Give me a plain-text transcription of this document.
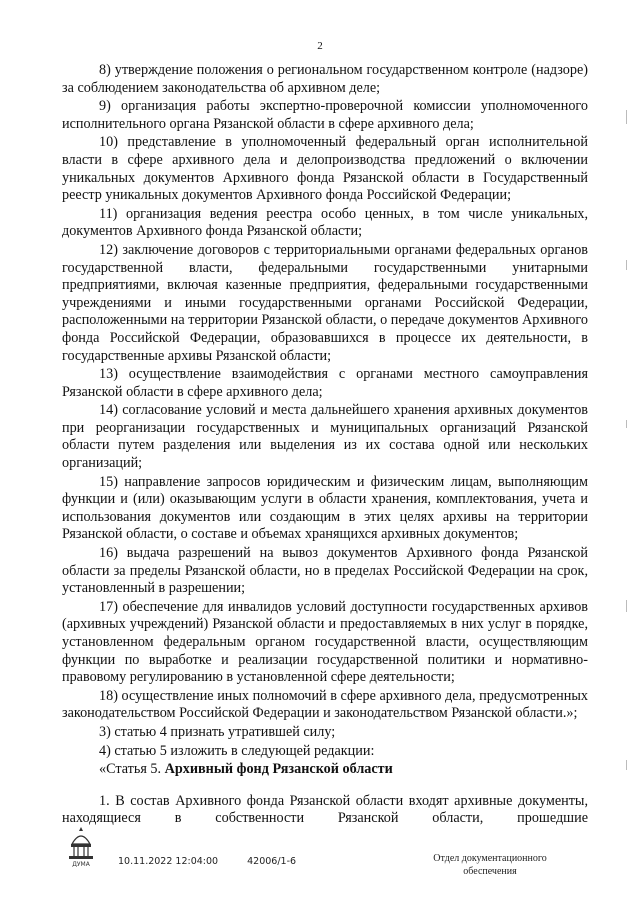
2

8) утверждение положения о региональном государственном контроле (надзоре) за соблюдением законодательства об архивном деле;

9) организация работы экспертно-проверочной комиссии уполномоченного исполнительного органа Рязанской области в сфере архивного дела;

10) представление в уполномоченный федеральный орган исполнительной власти в сфере архивного дела и делопроизводства предложений о включении уникальных документов Архивного фонда Рязанской области в Государственный реестр уникальных документов Архивного фонда Российской Федерации;

11) организация ведения реестра особо ценных, в том числе уникальных, документов Архивного фонда Рязанской области;

12) заключение договоров с территориальными органами федеральных органов государственной власти, федеральными государственными унитарными предприятиями, включая казенные предприятия, федеральными государственными учреждениями и иными государственными органами Российской Федерации, расположенными на территории Рязанской области, о передаче документов Архивного фонда Российской Федерации, образовавшихся в процессе их деятельности, в государственные архивы Рязанской области;

13) осуществление взаимодействия с органами местного самоуправления Рязанской области в сфере архивного дела;

14) согласование условий и места дальнейшего хранения архивных документов при реорганизации государственных и муниципальных организаций Рязанской области путем разделения или выделения из их состава одной или нескольких организаций;

15) направление запросов юридическим и физическим лицам, выполняющим функции и (или) оказывающим услуги в области хранения, комплектования, учета и использования документов или создающим в этих целях архивы на территории Рязанской области, о составе и объемах хранящихся архивных документов;

16) выдача разрешений на вывоз документов Архивного фонда Рязанской области за пределы Рязанской области, но в пределах Российской Федерации на срок, установленный в разрешении;

17) обеспечение для инвалидов условий доступности государственных архивов (архивных учреждений) Рязанской области и предоставляемых в них услуг в порядке, установленном федеральным органом государственной власти, осуществляющим функции по выработке и реализации государственной политики и нормативно-правовому регулированию в установленной сфере деятельности;

18) осуществление иных полномочий в сфере архивного дела, предусмотренных законодательством Российской Федерации и законодательством Рязанской области.»;

3) статью 4 признать утратившей силу;

4) статью 5 изложить в следующей редакции:

«Статья 5. Архивный фонд Рязанской области

1. В состав Архивного фонда Рязанской области входят архивные документы, находящиеся в собственности Рязанской области, прошедшие

ДУМА	10.11.2022 12:04:00	42006/1-6	Отдел документационного
обеспечения
